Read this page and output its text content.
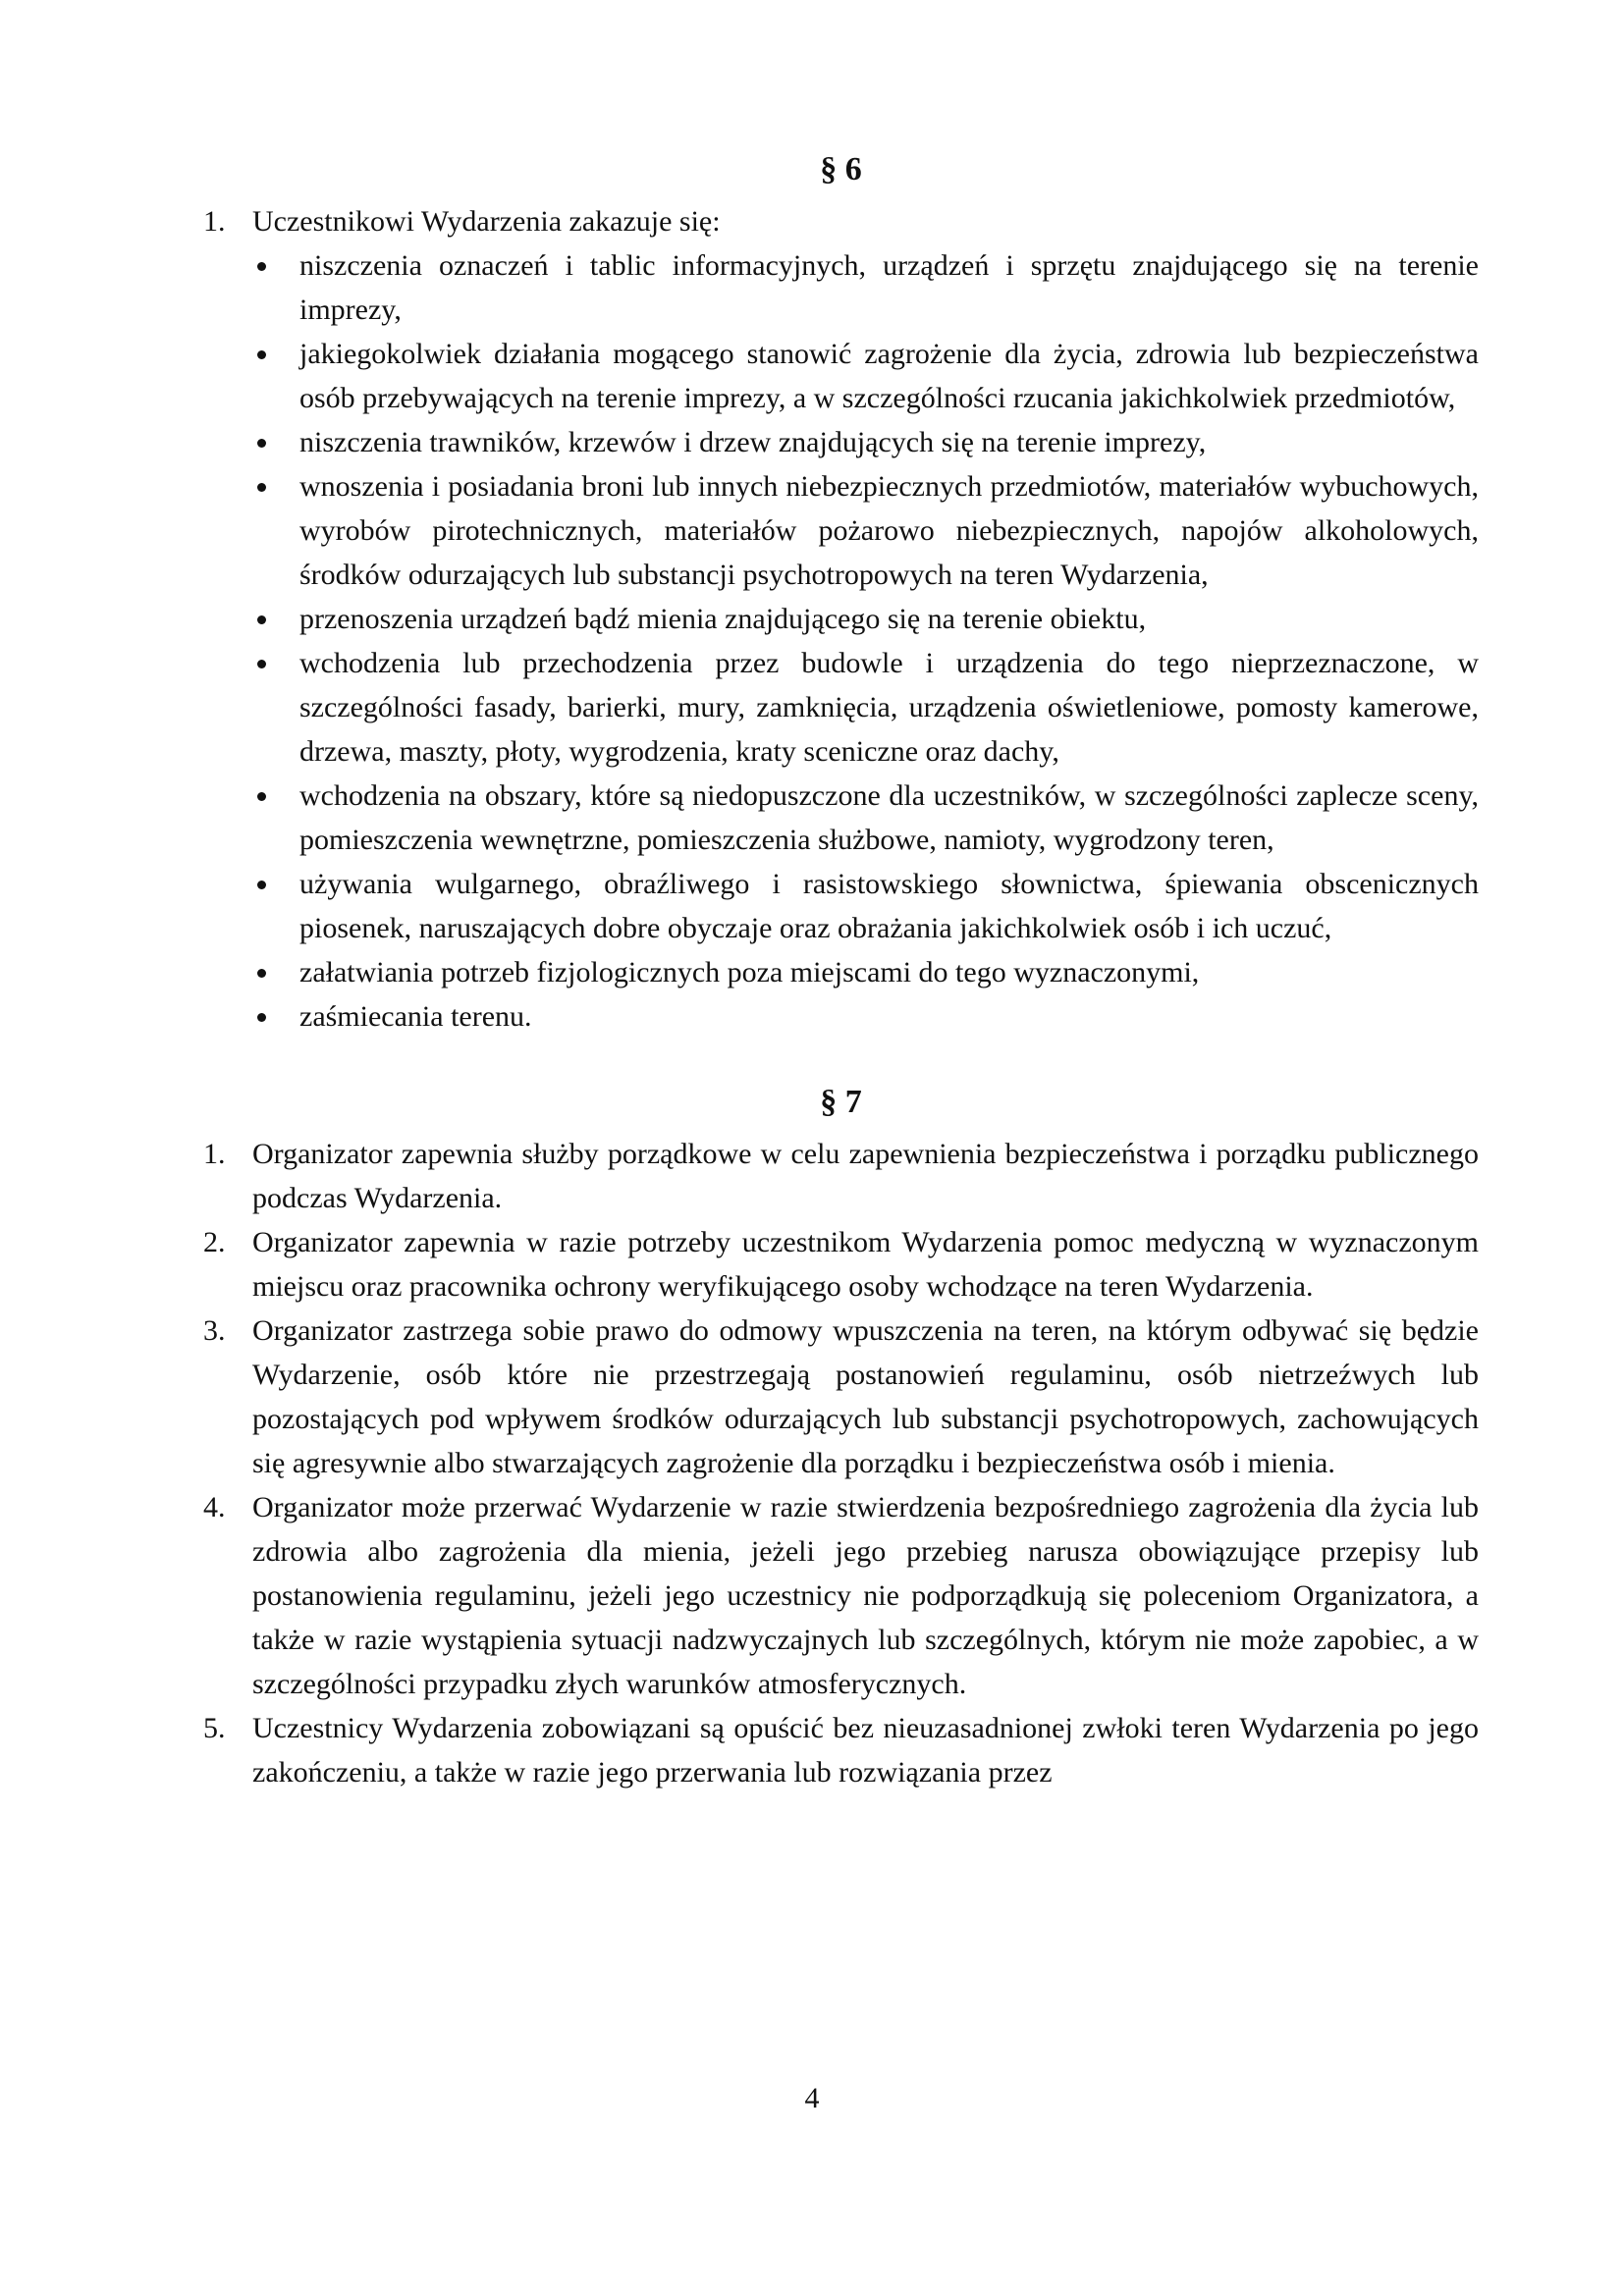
§ 6
1. Uczestnikowi Wydarzenia zakazuje się:
niszczenia oznaczeń i tablic informacyjnych, urządzeń i sprzętu znajdującego się na terenie imprezy,
jakiegokolwiek działania mogącego stanowić zagrożenie dla życia, zdrowia lub bezpieczeństwa osób przebywających na terenie imprezy, a w szczególności rzucania jakichkolwiek przedmiotów,
niszczenia trawników, krzewów i drzew znajdujących się na terenie imprezy,
wnoszenia i posiadania broni lub innych niebezpiecznych przedmiotów, materiałów wybuchowych, wyrobów pirotechnicznych, materiałów pożarowo niebezpiecznych, napojów alkoholowych, środków odurzających lub substancji psychotropowych na teren Wydarzenia,
przenoszenia urządzeń bądź mienia znajdującego się na terenie obiektu,
wchodzenia lub przechodzenia przez budowle i urządzenia do tego nieprzeznaczone, w szczególności fasady, barierki, mury, zamknięcia, urządzenia oświetleniowe, pomosty kamerowe, drzewa, maszty, płoty, wygrodzenia, kraty sceniczne oraz dachy,
wchodzenia na obszary, które są niedopuszczone dla uczestników, w szczególności zaplecze sceny, pomieszczenia wewnętrzne, pomieszczenia służbowe, namioty, wygrodzony teren,
używania wulgarnego, obraźliwego i rasistowskiego słownictwa, śpiewania obscenicznych piosenek, naruszających dobre obyczaje oraz obrażania jakichkolwiek osób i ich uczuć,
załatwiania potrzeb fizjologicznych poza miejscami do tego wyznaczonymi,
zaśmiecania terenu.
§ 7
1. Organizator zapewnia służby porządkowe w celu zapewnienia bezpieczeństwa i porządku publicznego podczas Wydarzenia.
2. Organizator zapewnia w razie potrzeby uczestnikom Wydarzenia pomoc medyczną w wyznaczonym miejscu oraz pracownika ochrony weryfikującego osoby wchodzące na teren Wydarzenia.
3. Organizator zastrzega sobie prawo do odmowy wpuszczenia na teren, na którym odbywać się będzie Wydarzenie, osób które nie przestrzegają postanowień regulaminu, osób nietrzeźwych lub pozostających pod wpływem środków odurzających lub substancji psychotropowych, zachowujących się agresywnie albo stwarzających zagrożenie dla porządku i bezpieczeństwa osób i mienia.
4. Organizator może przerwać Wydarzenie w razie stwierdzenia bezpośredniego zagrożenia dla życia lub zdrowia albo zagrożenia dla mienia, jeżeli jego przebieg narusza obowiązujące przepisy lub postanowienia regulaminu, jeżeli jego uczestnicy nie podporządkują się poleceniom Organizatora, a także w razie wystąpienia sytuacji nadzwyczajnych lub szczególnych, którym nie może zapobiec, a w szczególności przypadku złych warunków atmosferycznych.
5. Uczestnicy Wydarzenia zobowiązani są opuścić bez nieuzasadnionej zwłoki teren Wydarzenia po jego zakończeniu, a także w razie jego przerwania lub rozwiązania przez
4
